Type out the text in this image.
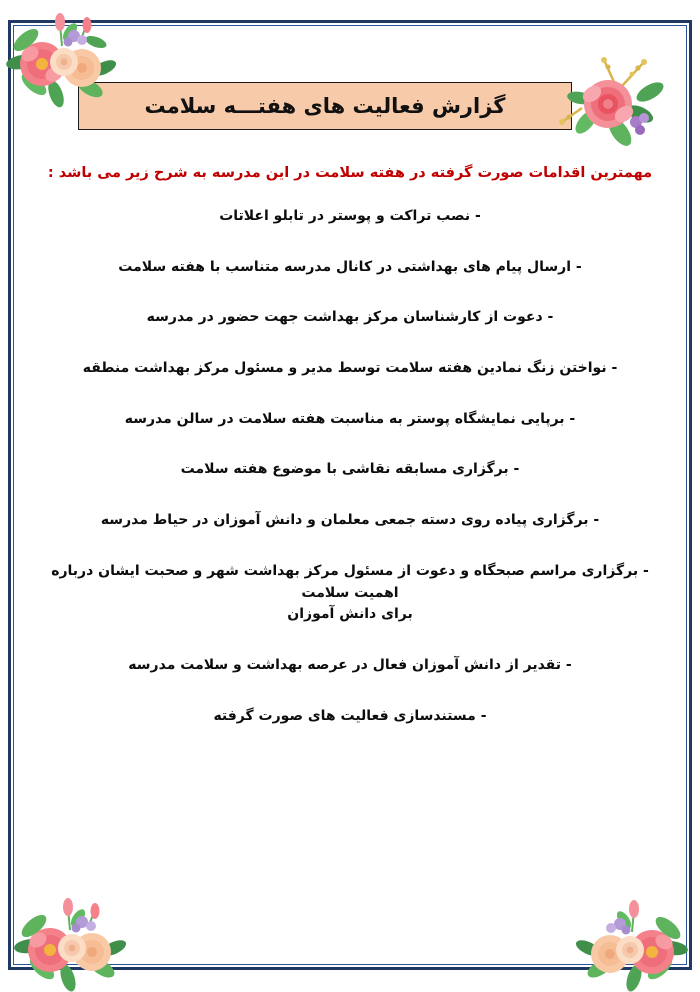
گزارش فعالیت های هفتـــه سلامت
مهمترین اقدامات صورت گرفته در هفته سلامت در این مدرسه به شرح زیر می باشد :
- نصب تراکت و پوستر در تابلو اعلاتات
- ارسال پیام های بهداشتی در کانال مدرسه متناسب با هفته سلامت
- دعوت از کارشناسان مرکز بهداشت جهت حضور در مدرسه
- نواختن زنگ نمادین هفته سلامت توسط مدیر و مسئول مرکز بهداشت منطقه
- برپایی نمایشگاه پوستر به مناسبت هفته سلامت در سالن مدرسه
- برگزاری مسابقه نقاشی با موضوع هفته سلامت
- برگزاری پیاده روی دسته جمعی معلمان و دانش آموزان در حیاط مدرسه
- برگزاری مراسم صبحگاه و دعوت از مسئول مرکز بهداشت شهر و صحبت ایشان درباره اهمیت سلامت
برای دانش آموزان
- تقدیر از دانش آموزان فعال در عرصه بهداشت و سلامت مدرسه
- مستندسازی فعالیت های صورت گرفته
